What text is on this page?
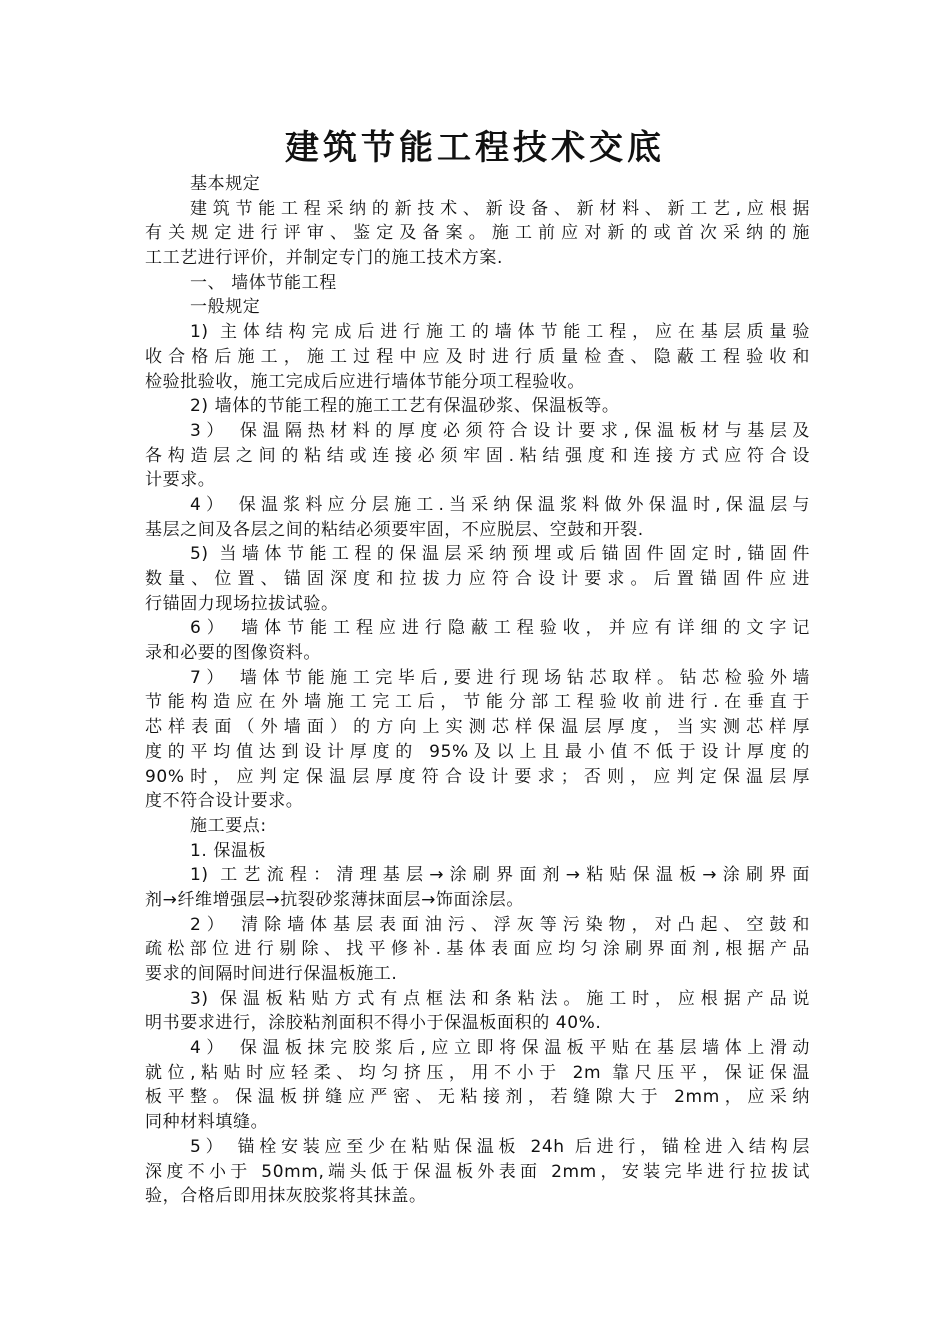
建筑节能工程技术交底
基本规定
建筑节能工程采纳的新技术、新设备、新材料、新工艺,应根据
有关规定进行评审、鉴定及备案。施工前应对新的或首次采纳的施
工工艺进行评价，并制定专门的施工技术方案.
一、 墙体节能工程
一般规定
1) 主体结构完成后进行施工的墙体节能工程，应在基层质量验
收合格后施工，施工过程中应及时进行质量检查、隐蔽工程验收和
检验批验收，施工完成后应进行墙体节能分项工程验收。
2) 墙体的节能工程的施工工艺有保温砂浆、保温板等。
3） 保温隔热材料的厚度必须符合设计要求,保温板材与基层及
各构造层之间的粘结或连接必须牢固.粘结强度和连接方式应符合设
计要求。
4） 保温浆料应分层施工.当采纳保温浆料做外保温时,保温层与
基层之间及各层之间的粘结必须要牢固，不应脱层、空鼓和开裂.
5) 当墙体节能工程的保温层采纳预埋或后锚固件固定时,锚固件
数量、位置、锚固深度和拉拔力应符合设计要求。后置锚固件应进
行锚固力现场拉拔试验。
6） 墙体节能工程应进行隐蔽工程验收，并应有详细的文字记
录和必要的图像资料。
7） 墙体节能施工完毕后,要进行现场钻芯取样。钻芯检验外墙
节能构造应在外墙施工完工后，节能分部工程验收前进行.在垂直于
芯样表面（外墙面）的方向上实测芯样保温层厚度，当实测芯样厚
度的平均值达到设计厚度的 95%及以上且最小值不低于设计厚度的
90%时，应判定保温层厚度符合设计要求；否则，应判定保温层厚
度不符合设计要求。
施工要点:
1. 保温板
1) 工艺流程：清理基层→涂刷界面剂→粘贴保温板→涂刷界面
剂→纤维增强层→抗裂砂浆薄抹面层→饰面涂层。
2） 清除墙体基层表面油污、浮灰等污染物，对凸起、空鼓和
疏松部位进行剔除、找平修补.基体表面应均匀涂刷界面剂,根据产品
要求的间隔时间进行保温板施工.
3) 保温板粘贴方式有点框法和条粘法。施工时，应根据产品说
明书要求进行，涂胶粘剂面积不得小于保温板面积的 40%.
4） 保温板抹完胶浆后,应立即将保温板平贴在基层墙体上滑动
就位,粘贴时应轻柔、均匀挤压，用不小于 2m 靠尺压平，保证保温
板平整。保温板拼缝应严密、无粘接剂，若缝隙大于 2mm，应采纳
同种材料填缝。
5） 锚栓安装应至少在粘贴保温板 24h 后进行，锚栓进入结构层
深度不小于 50mm,端头低于保温板外表面 2mm，安装完毕进行拉拔试
验，合格后即用抹灰胶浆将其抹盖。
